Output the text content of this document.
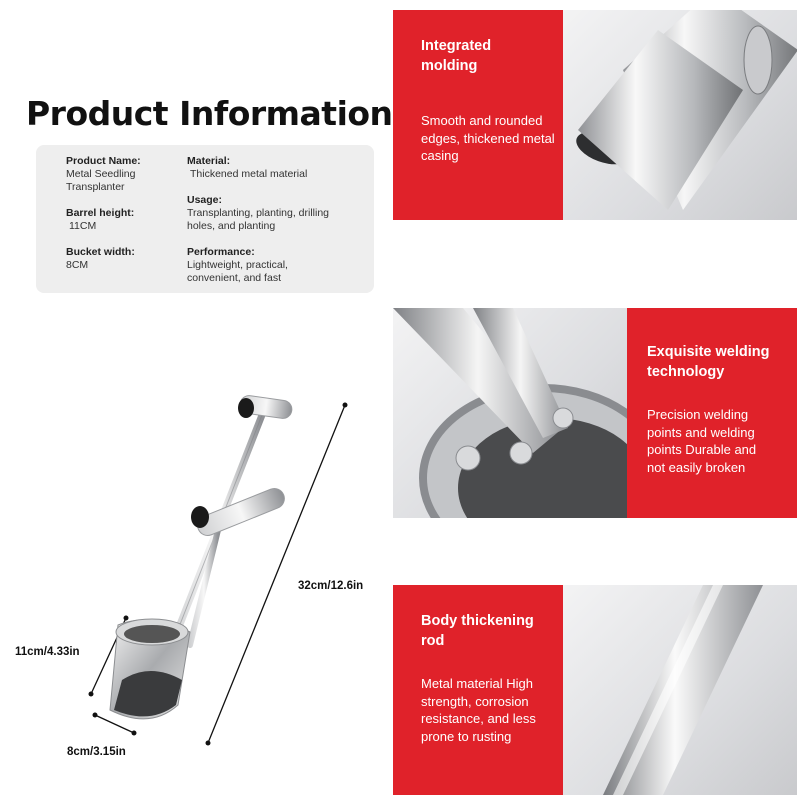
Product Information
Product Name:
Metal Seedling Transplanter
Barrel height:
11CM
Bucket width:
8CM
Material:
Thickened metal material
Usage:
Transplanting, planting, drilling holes, and planting
Performance:
Lightweight, practical, convenient, and fast
32cm/12.6in
11cm/4.33in
8cm/3.15in
Integrated molding
Smooth and rounded edges, thickened metal casing
Exquisite welding technology
Precision welding points and welding points Durable and not easily broken
Body thickening rod
Metal material High strength, corrosion resistance, and less prone to rusting
